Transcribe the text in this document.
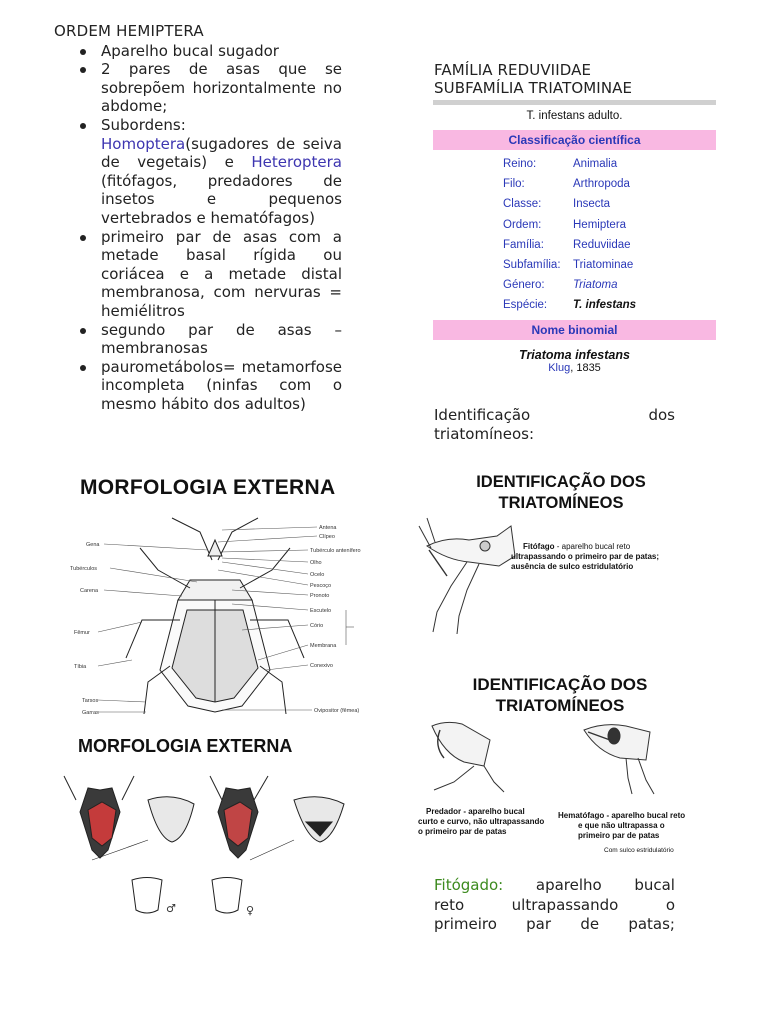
ORDEM HEMIPTERA
Aparelho bucal sugador
2 pares de asas que se sobrepõem horizontalmente no abdome;
Subordens:
Homoptera(sugadores de seiva de vegetais) e Heteroptera (fitófagos, predadores de insetos e pequenos vertebrados e hematófagos)
primeiro par de asas com a metade basal rígida ou coriácea e a metade distal membranosa, com nervuras = hemiélitros
segundo par de asas – membranosas
paurometábolos= metamorfose incompleta (ninfas com o mesmo hábito dos adultos)
FAMÍLIA REDUVIIDAE
SUBFAMÍLIA TRIATOMINAE
T. infestans adulto.
Classificação científica
Reino:	Animalia
Filo:	Arthropoda
Classe:	Insecta
Ordem:	Hemiptera
Família:	Reduviidae
Subfamília:	Triatominae
Género:	Triatoma
Espécie:	T. infestans
Nome binomial
Triatoma infestans
Klug, 1835
Identificação	dos
triatomíneos:
MORFOLOGIA EXTERNA
Gena
Tubérculos
Carena
Fêmur
Tíbia
Tarsos
Garras
Antena
Clípeo
Tubérculo antenífero
Olho
Ocelo
Pescoço
Pronoto
Escutelo
Cório
Membrana
Conexivo
Ovipositor (fêmea)
MORFOLOGIA EXTERNA
♂	♀
IDENTIFICAÇÃO DOS
TRIATOMÍNEOS
Fitófago - aparelho bucal reto
ultrapassando o primeiro par de patas;
ausência de sulco estridulatório
IDENTIFICAÇÃO DOS
TRIATOMÍNEOS
Predador - aparelho bucal
curto e curvo, não ultrapassando
o primeiro par de patas
Hematófago - aparelho bucal reto
e que não ultrapassa o
primeiro par de patas
Com sulco estridulatório
Fitógado: aparelho bucal
reto	ultrapassando	o
primeiro par de patas;
